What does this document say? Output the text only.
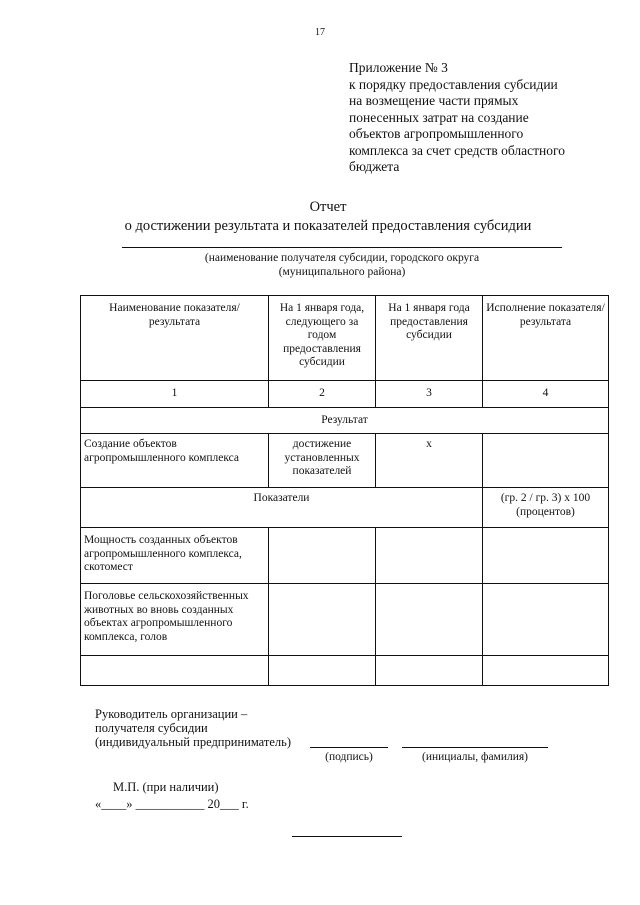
17
Приложение № 3
к порядку предоставления субсидии
на возмещение части прямых
понесенных затрат на создание
объектов агропромышленного
комплекса за счет средств областного
бюджета
Отчет
о достижении результата и показателей предоставления субсидии
(наименование получателя субсидии, городского округа
(муниципального района)
Наименование показателя/результата	На 1 января года, следующего за годом предоставления субсидии	На 1 января года предоставления субсидии	Исполнение показателя/ результата
1	2	3	4
Результат			
Создание объектов агропромышленного комплекса	достижение установленных показателей	х	
Показатели			(гр. 2 / гр. 3) х 100 (процентов)
Мощность созданных объектов агропромышленного комплекса, скотомест			
Поголовье сельскохозяйственных животных во вновь созданных объектах агропромышленного комплекса, голов			

Руководитель организации –
получателя субсидии
(индивидуальный предприниматель)
(подпись)	(инициалы, фамилия)
М.П. (при наличии)
«____» ___________ 20___ г.
